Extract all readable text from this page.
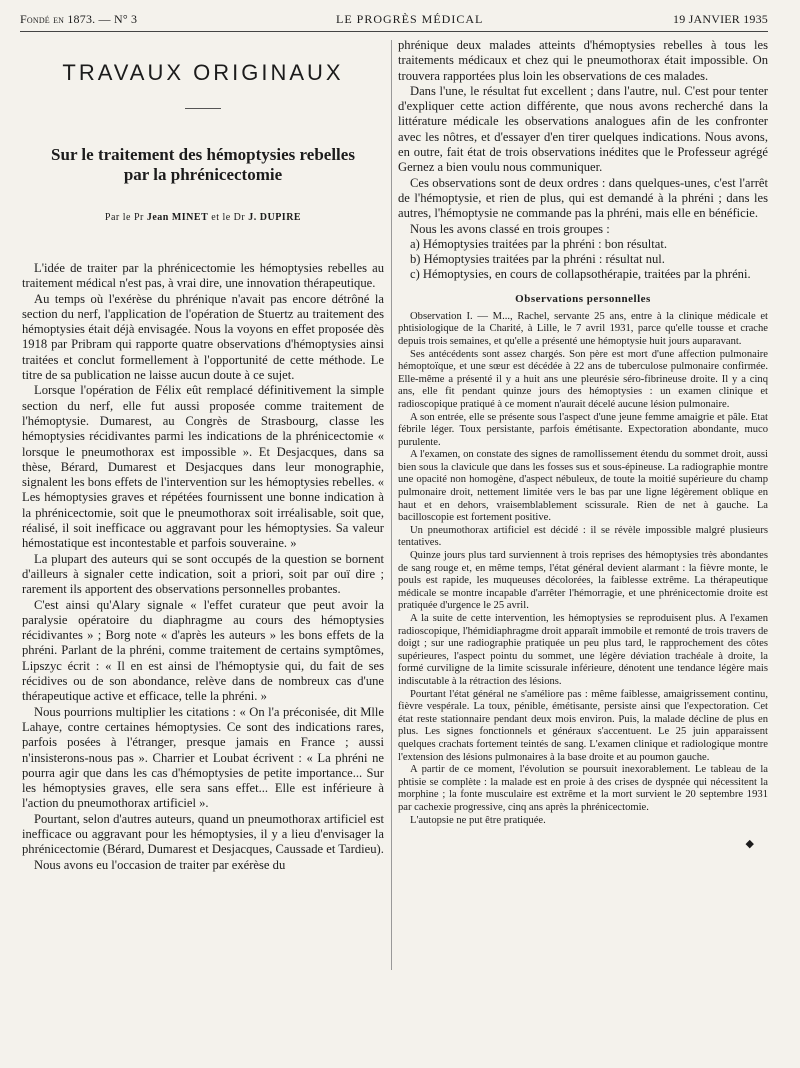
Fondé en 1873. — N° 3	LE PROGRÈS MÉDICAL	19 JANVIER 1935
TRAVAUX ORIGINAUX
Sur le traitement des hémoptysies rebelles
par la phrénicectomie
Par le Pr Jean MINET et le Dr J. DUPIRE

L'idée de traiter par la phrénicectomie les hémoptysies rebelles au traitement médical n'est pas, à vrai dire, une innovation thérapeutique.

Au temps où l'exérèse du phrénique n'avait pas encore détrôné la section du nerf, l'application de l'opération de Stuertz au traitement des hémoptysies était déjà envisagée. Nous la voyons en effet proposée dès 1918 par Pribram qui rapporte quatre observations d'hémoptysies ainsi traitées et conclut formellement à l'opportunité de cette méthode. Le titre de sa publication ne laisse aucun doute à ce sujet.

Lorsque l'opération de Félix eût remplacé définitivement la simple section du nerf, elle fut aussi proposée comme traitement de l'hémoptysie. Dumarest, au Congrès de Strasbourg, classe les hémoptysies récidivantes parmi les indications de la phrénicectomie « lorsque le pneumothorax est impossible ». Et Desjacques, dans sa thèse, Bérard, Dumarest et Desjacques dans leur monographie, signalent les bons effets de l'intervention sur les hémoptysies rebelles. « Les hémoptysies graves et répétées fournissent une bonne indication à la phrénicectomie, soit que le pneumothorax soit irréalisable, soit que, réalisé, il soit inefficace ou aggravant pour les hémoptysies. Sa valeur hémostatique est incontestable et parfois souveraine. »

La plupart des auteurs qui se sont occupés de la question se bornent d'ailleurs à signaler cette indication, soit a priori, soit par ouï dire ; rarement ils apportent des observations personnelles probantes.

C'est ainsi qu'Alary signale « l'effet curateur que peut avoir la paralysie opératoire du diaphragme au cours des hémoptysies récidivantes » ; Borg note « d'après les auteurs » les bons effets de la phréni. Parlant de la phréni, comme traitement de certains symptômes, Lipszyc écrit : « Il en est ainsi de l'hémoptysie qui, du fait de ses récidives ou de son abondance, relève dans de nombreux cas d'une thérapeutique active et efficace, telle la phréni. »

Nous pourrions multiplier les citations : « On l'a préconisée, dit Mlle Lahaye, contre certaines hémoptysies. Ce sont des indications rares, parfois posées à l'étranger, presque jamais en France ; aussi n'insisterons-nous pas ». Charrier et Loubat écrivent : « La phréni ne pourra agir que dans les cas d'hémoptysies de petite importance... Sur les hémoptysies graves, elle sera sans effet... Elle est inférieure à l'action du pneumothorax artificiel ».

Pourtant, selon d'autres auteurs, quand un pneumothorax artificiel est inefficace ou aggravant pour les hémoptysies, il y a lieu d'envisager la phrénicectomie (Bérard, Dumarest et Desjacques, Caussade et Tardieu).

Nous avons eu l'occasion de traiter par exérèse du

phrénique deux malades atteints d'hémoptysies rebelles à tous les traitements médicaux et chez qui le pneumothorax était impossible. On trouvera rapportées plus loin les observations de ces malades.

Dans l'une, le résultat fut excellent ; dans l'autre, nul. C'est pour tenter d'expliquer cette action différente, que nous avons recherché dans la littérature médicale les observations analogues afin de les confronter avec les nôtres, et d'essayer d'en tirer quelques indications. Nous avons, en outre, fait état de trois observations inédites que le Professeur agrégé Gernez a bien voulu nous communiquer.

Ces observations sont de deux ordres : dans quelques-unes, c'est l'arrêt de l'hémoptysie, et rien de plus, qui est demandé à la phréni ; dans les autres, l'hémoptysie ne commande pas la phréni, mais elle en bénéficie.

Nous les avons classé en trois groupes :

a) Hémoptysies traitées par la phréni : bon résultat.

b) Hémoptysies traitées par la phréni : résultat nul.

c) Hémoptysies, en cours de collapsothérapie, traitées par la phréni.

Observations personnelles

Observation I. — M..., Rachel, servante 25 ans, entre à la clinique médicale et phtisiologique de la Charité, à Lille, le 7 avril 1931, parce qu'elle tousse et crache depuis trois semaines, et qu'elle a présenté une hémoptysie huit jours auparavant.

Ses antécédents sont assez chargés. Son père est mort d'une affection pulmonaire hémoptoïque, et une sœur est décédée à 22 ans de tuberculose pulmonaire confirmée. Elle-même a présenté il y a huit ans une pleurésie séro-fibrineuse droite. Il y a cinq ans, elle fit pendant quinze jours des hémoptysies : un examen clinique et radioscopique pratiqué à ce moment n'aurait décelé aucune lésion pulmonaire.

A son entrée, elle se présente sous l'aspect d'une jeune femme amaigrie et pâle. Etat fébrile léger. Toux persistante, parfois émétisante. Expectoration abondante, muco purulente.

A l'examen, on constate des signes de ramollissement étendu du sommet droit, aussi bien sous la clavicule que dans les fosses sus et sous-épineuse. La radiographie montre une opacité non homogène, d'aspect nébuleux, de toute la moitié supérieure du champ pulmonaire droit, nettement limitée vers le bas par une ligne légèrement oblique en haut et en dehors, vraisemblablement scissurale. Rien de net à gauche. La bacilloscopie est fortement positive.

Un pneumothorax artificiel est décidé : il se révèle impossible malgré plusieurs tentatives.

Quinze jours plus tard surviennent à trois reprises des hémoptysies très abondantes de sang rouge et, en même temps, l'état général devient alarmant : la fièvre monte, le pouls est rapide, les muqueuses décolorées, la faiblesse extrême. La thérapeutique médicale se montre incapable d'arrêter l'hémorragie, et une phrénicectomie droite est pratiquée d'urgence le 25 avril.

A la suite de cette intervention, les hémoptysies se reproduisent plus. A l'examen radioscopique, l'hémidiaphragme droit apparaît immobile et remonté de trois travers de doigt ; sur une radiographie pratiquée un peu plus tard, le rapprochement des côtes supérieures, l'aspect pointu du sommet, une légère déviation trachéale à droite, la formé curviligne de la limite scissurale inférieure, dénotent une tendance légère mais indiscutable à la rétraction des lésions.

Pourtant l'état général ne s'améliore pas : même faiblesse, amaigrissement continu, fièvre vespérale. La toux, pénible, émétisante, persiste ainsi que l'expectoration. Cet état reste stationnaire pendant deux mois environ. Puis, la malade décline de plus en plus. Les signes fonctionnels et généraux s'accentuent. Le 25 juin apparaissent quelques crachats fortement teintés de sang. L'examen clinique et radiologique montre l'extension des lésions pulmonaires à la base droite et au poumon gauche.

A partir de ce moment, l'évolution se poursuit inexorablement. Le tableau de la phtisie se complète : la malade est en proie à des crises de dyspnée qui nécessitent la morphine ; la fonte musculaire est extrême et la mort survient le 20 septembre 1931 par cachexie progressive, cinq ans après la phrénicectomie.

L'autopsie ne put être pratiquée.

◆
